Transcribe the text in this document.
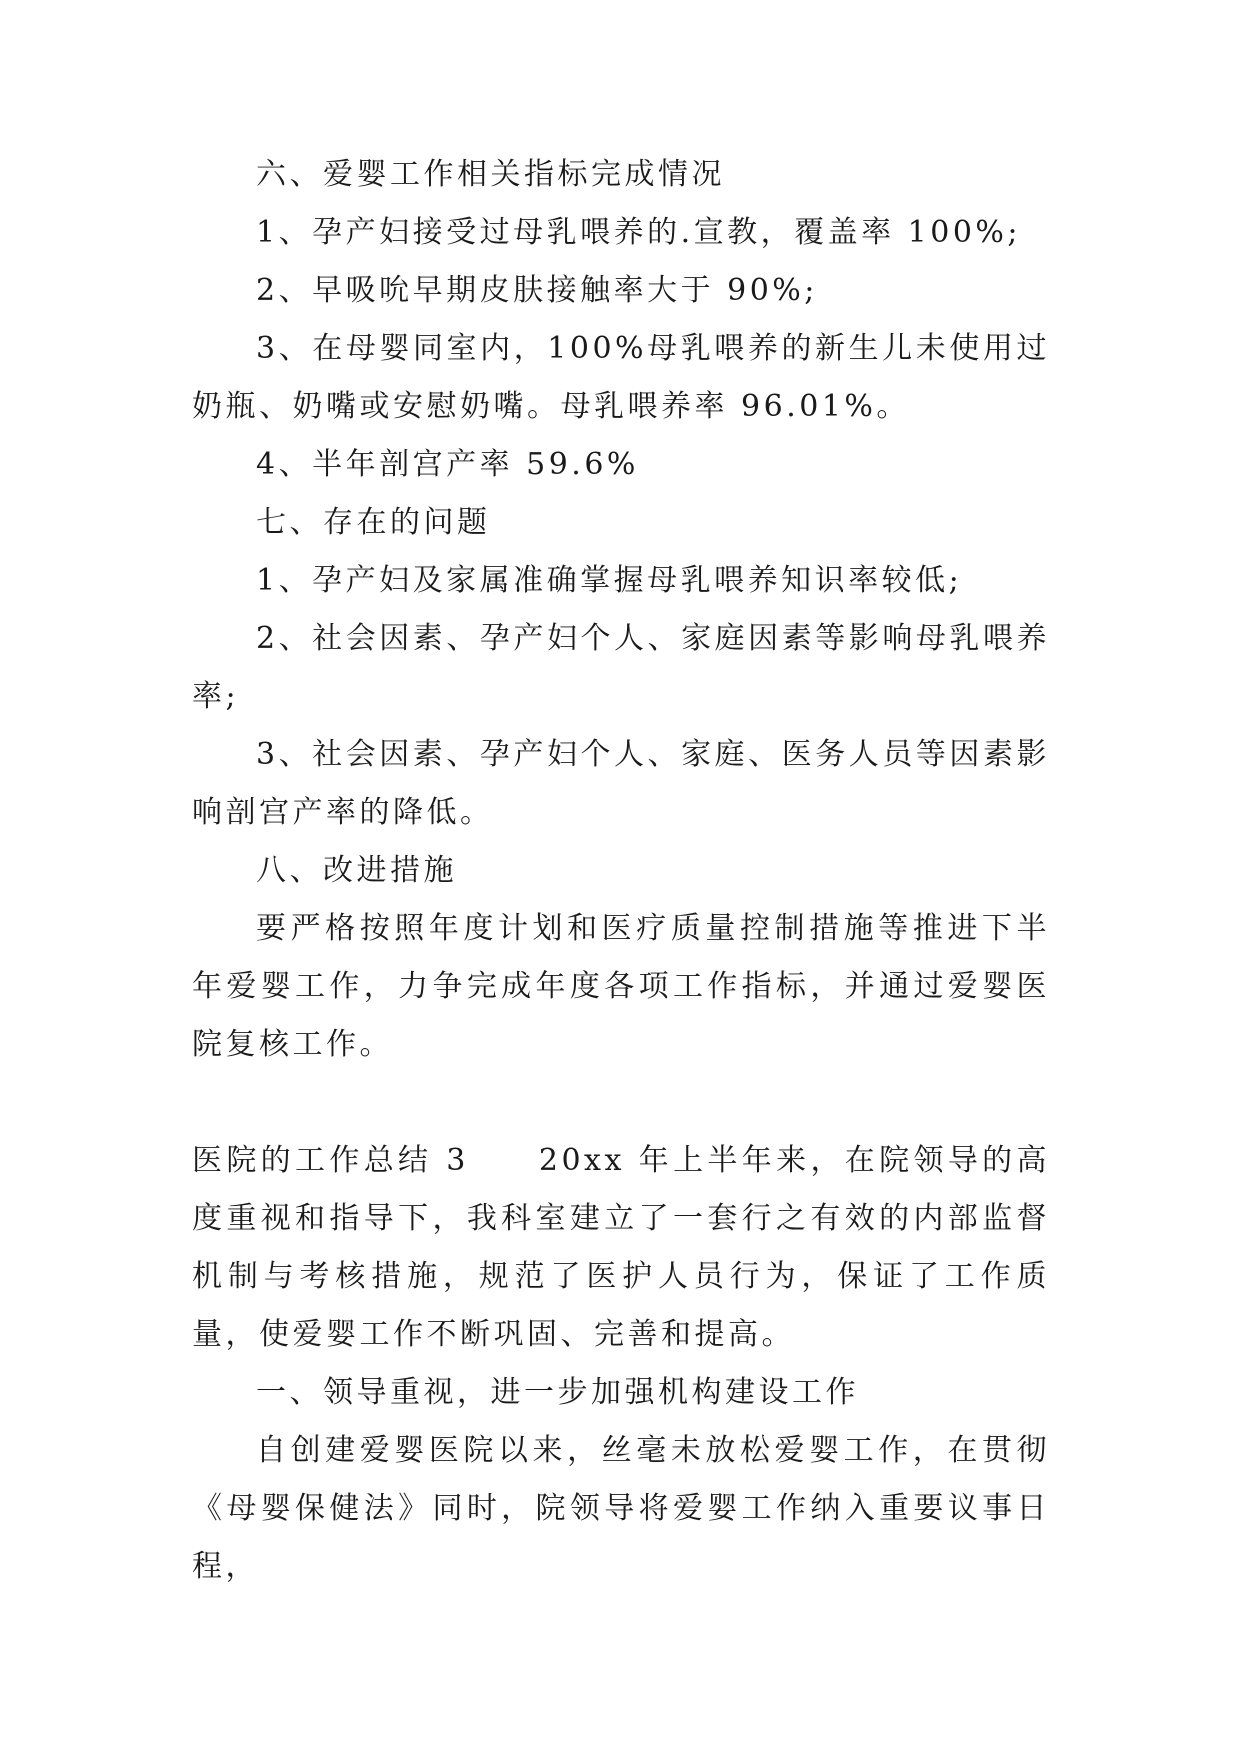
六、爱婴工作相关指标完成情况

1、孕产妇接受过母乳喂养的.宣教，覆盖率 100%;

2、早吸吮早期皮肤接触率大于 90%;

3、在母婴同室内，100%母乳喂养的新生儿未使用过奶瓶、奶嘴或安慰奶嘴。母乳喂养率 96.01%。

4、半年剖宫产率 59.6%

七、存在的问题

1、孕产妇及家属准确掌握母乳喂养知识率较低;

2、社会因素、孕产妇个人、家庭因素等影响母乳喂养率;

3、社会因素、孕产妇个人、家庭、医务人员等因素影响剖宫产率的降低。

八、改进措施

要严格按照年度计划和医疗质量控制措施等推进下半年爱婴工作，力争完成年度各项工作指标，并通过爱婴医院复核工作。

医院的工作总结 3 20xx 年上半年来，在院领导的高度重视和指导下，我科室建立了一套行之有效的内部监督机制与考核措施，规范了医护人员行为，保证了工作质量，使爱婴工作不断巩固、完善和提高。

一、领导重视，进一步加强机构建设工作

自创建爱婴医院以来，丝毫未放松爱婴工作，在贯彻《母婴保健法》同时，院领导将爱婴工作纳入重要议事日程，
